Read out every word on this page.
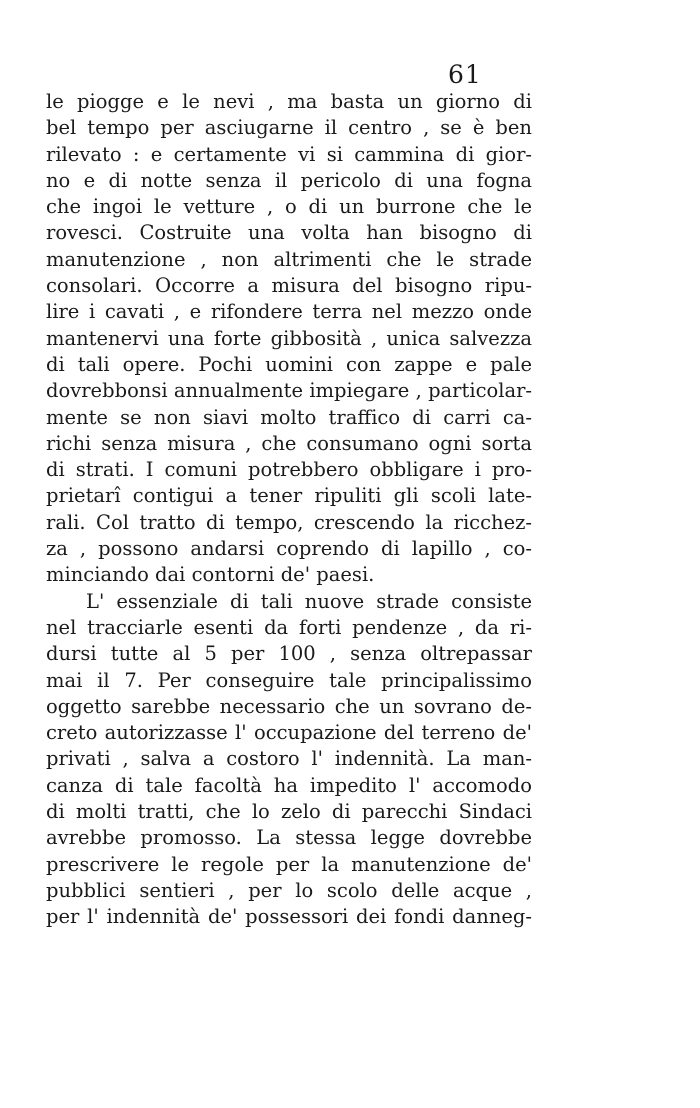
61
le piogge e le nevi , ma basta un giorno di
bel tempo per asciugarne il centro , se è ben
rilevato : e certamente vi si cammina di gior-
no e di notte senza il pericolo di una fogna
che ingoi le vetture , o di un burrone che le
rovesci. Costruite una volta han bisogno di
manutenzione , non altrimenti che le strade
consolari. Occorre a misura del bisogno ripu-
lire i cavati , e rifondere terra nel mezzo onde
mantenervi una forte gibbosità , unica salvezza
di tali opere. Pochi uomini con zappe e pale
dovrebbonsi annualmente impiegare , particolar-
mente se non siavi molto traffico di carri ca-
richi senza misura , che consumano ogni sorta
di strati. I comuni potrebbero obbligare i pro-
prietarî contigui a tener ripuliti gli scoli late-
rali. Col tratto di tempo, crescendo la ricchez-
za , possono andarsi coprendo di lapillo , co-
minciando dai contorni de' paesi.
L' essenziale di tali nuove strade consiste
nel tracciarle esenti da forti pendenze , da ri-
dursi tutte al 5 per 100 , senza oltrepassar
mai il 7. Per conseguire tale principalissimo
oggetto sarebbe necessario che un sovrano de-
creto autorizzasse l' occupazione del terreno de'
privati , salva a costoro l' indennità. La man-
canza di tale facoltà ha impedito l' accomodo
di molti tratti, che lo zelo di parecchi Sindaci
avrebbe promosso. La stessa legge dovrebbe
prescrivere le regole per la manutenzione de'
pubblici sentieri , per lo scolo delle acque ,
per l' indennità de' possessori dei fondi danneg-
